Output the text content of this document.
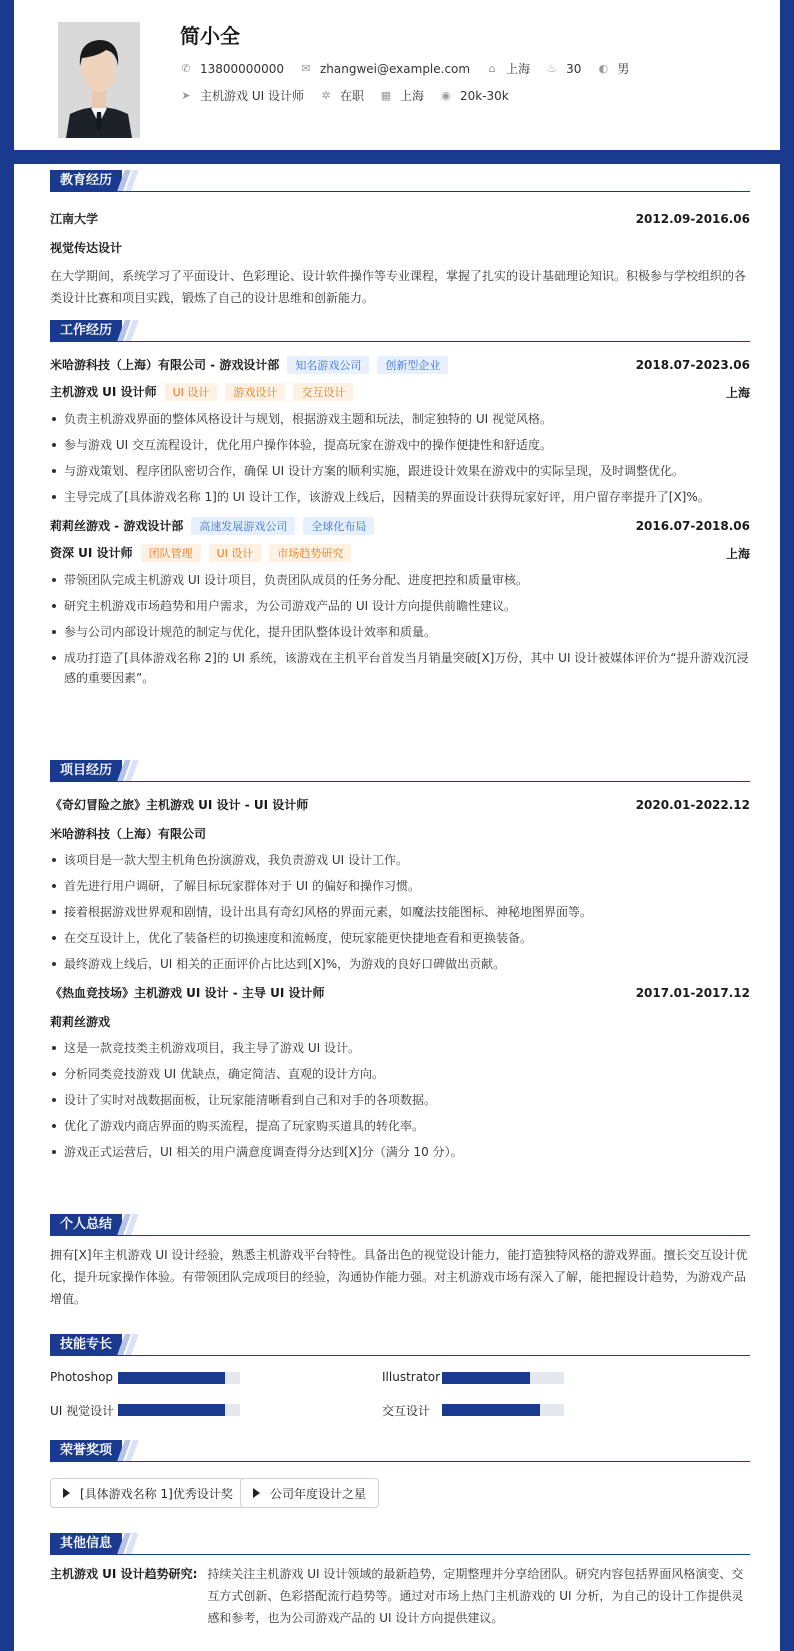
简小全
✆ 13800000000 ✉ zhangwei@example.com ⌂ 上海 ♨ 30 ◐ 男
➤ 主机游戏 UI 设计师 ✲ 在职 ▦ 上海 ◉ 20k-30k
教育经历
江南大学	2012.09-2016.06
视觉传达设计
在大学期间，系统学习了平面设计、色彩理论、设计软件操作等专业课程，掌握了扎实的设计基础理论知识。积极参与学校组织的各类设计比赛和项目实践，锻炼了自己的设计思维和创新能力。
工作经历
米哈游科技（上海）有限公司 - 游戏设计部 知名游戏公司 创新型企业	2018.07-2023.06
主机游戏 UI 设计师 UI 设计 游戏设计 交互设计	上海
负责主机游戏界面的整体风格设计与规划，根据游戏主题和玩法，制定独特的 UI 视觉风格。
参与游戏 UI 交互流程设计，优化用户操作体验，提高玩家在游戏中的操作便捷性和舒适度。
与游戏策划、程序团队密切合作，确保 UI 设计方案的顺利实施，跟进设计效果在游戏中的实际呈现，及时调整优化。
主导完成了[具体游戏名称 1]的 UI 设计工作，该游戏上线后，因精美的界面设计获得玩家好评，用户留存率提升了[X]%。
莉莉丝游戏 - 游戏设计部 高速发展游戏公司 全球化布局	2016.07-2018.06
资深 UI 设计师 团队管理 UI 设计 市场趋势研究	上海
带领团队完成主机游戏 UI 设计项目，负责团队成员的任务分配、进度把控和质量审核。
研究主机游戏市场趋势和用户需求，为公司游戏产品的 UI 设计方向提供前瞻性建议。
参与公司内部设计规范的制定与优化，提升团队整体设计效率和质量。
成功打造了[具体游戏名称 2]的 UI 系统，该游戏在主机平台首发当月销量突破[X]万份，其中 UI 设计被媒体评价为“提升游戏沉浸感的重要因素”。
项目经历
《奇幻冒险之旅》主机游戏 UI 设计 - UI 设计师	2020.01-2022.12
米哈游科技（上海）有限公司
该项目是一款大型主机角色扮演游戏，我负责游戏 UI 设计工作。
首先进行用户调研，了解目标玩家群体对于 UI 的偏好和操作习惯。
接着根据游戏世界观和剧情，设计出具有奇幻风格的界面元素，如魔法技能图标、神秘地图界面等。
在交互设计上，优化了装备栏的切换速度和流畅度，使玩家能更快捷地查看和更换装备。
最终游戏上线后，UI 相关的正面评价占比达到[X]%，为游戏的良好口碑做出贡献。
《热血竞技场》主机游戏 UI 设计 - 主导 UI 设计师	2017.01-2017.12
莉莉丝游戏
这是一款竞技类主机游戏项目，我主导了游戏 UI 设计。
分析同类竞技游戏 UI 优缺点，确定简洁、直观的设计方向。
设计了实时对战数据面板，让玩家能清晰看到自己和对手的各项数据。
优化了游戏内商店界面的购买流程，提高了玩家购买道具的转化率。
游戏正式运营后，UI 相关的用户满意度调查得分达到[X]分（满分 10 分）。
个人总结
拥有[X]年主机游戏 UI 设计经验，熟悉主机游戏平台特性。具备出色的视觉设计能力，能打造独特风格的游戏界面。擅长交互设计优化，提升玩家操作体验。有带领团队完成项目的经验，沟通协作能力强。对主机游戏市场有深入了解，能把握设计趋势，为游戏产品增值。
技能专长
Photoshop	Illustrator
UI 视觉设计	交互设计
荣誉奖项
[具体游戏名称 1]优秀设计奖	公司年度设计之星
其他信息
主机游戏 UI 设计趋势研究: 持续关注主机游戏 UI 设计领域的最新趋势，定期整理并分享给团队。研究内容包括界面风格演变、交互方式创新、色彩搭配流行趋势等。通过对市场上热门主机游戏的 UI 分析，为自己的设计工作提供灵感和参考，也为公司游戏产品的 UI 设计方向提供建议。
